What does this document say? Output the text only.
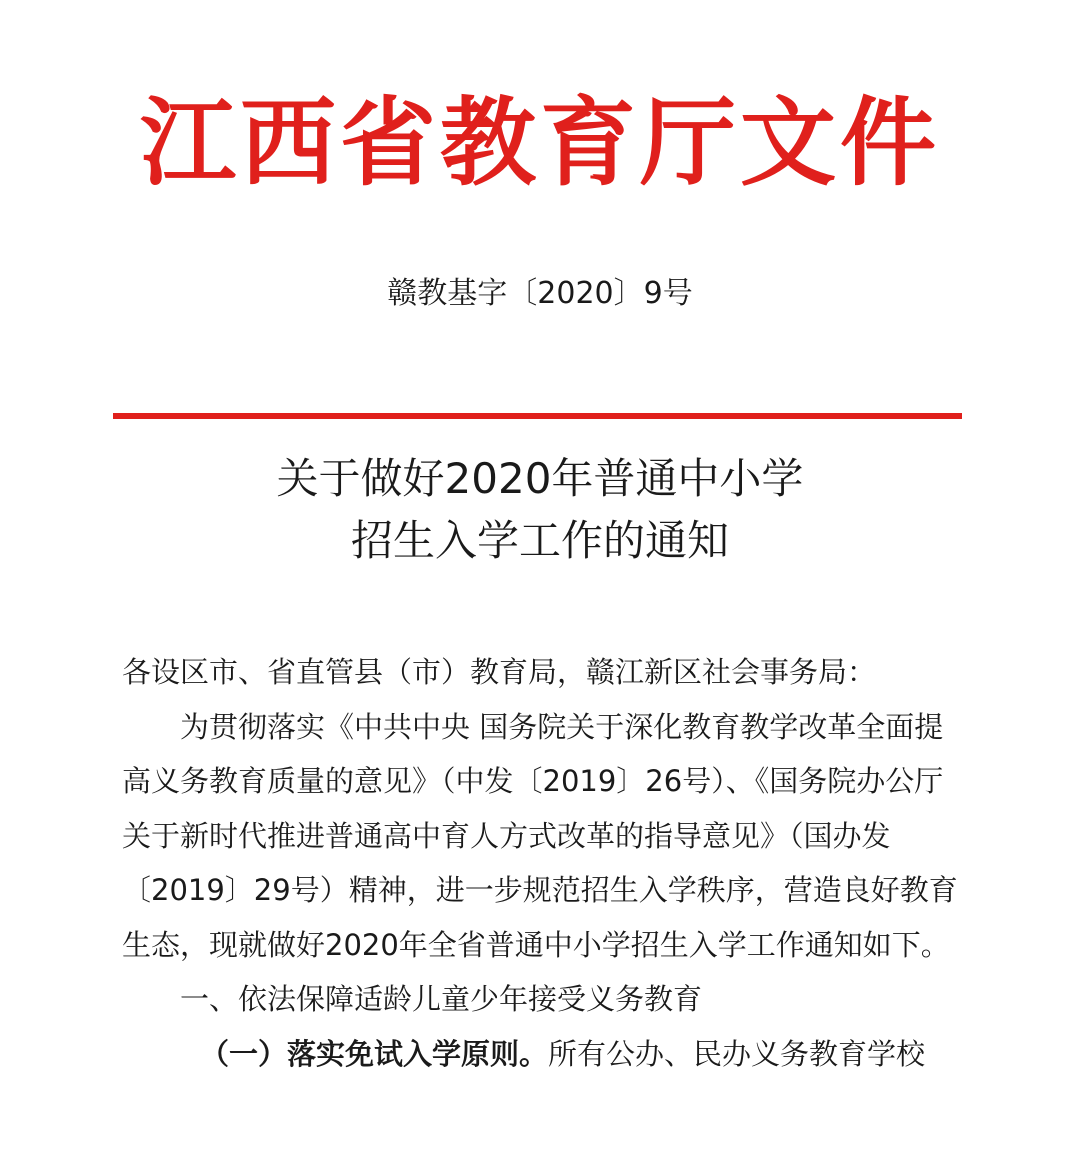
江西省教育厅文件
赣教基字〔2020〕9号
关于做好2020年普通中小学
招生入学工作的通知

各设区市、省直管县（市）教育局，赣江新区社会事务局：

为贯彻落实《中共中央 国务院关于深化教育教学改革全面提高义务教育质量的意见》（中发〔2019〕26号）、《国务院办公厅关于新时代推进普通高中育人方式改革的指导意见》（国办发〔2019〕29号）精神，进一步规范招生入学秩序，营造良好教育生态，现就做好2020年全省普通中小学招生入学工作通知如下。

一、依法保障适龄儿童少年接受义务教育

（一）落实免试入学原则。所有公办、民办义务教育学校
